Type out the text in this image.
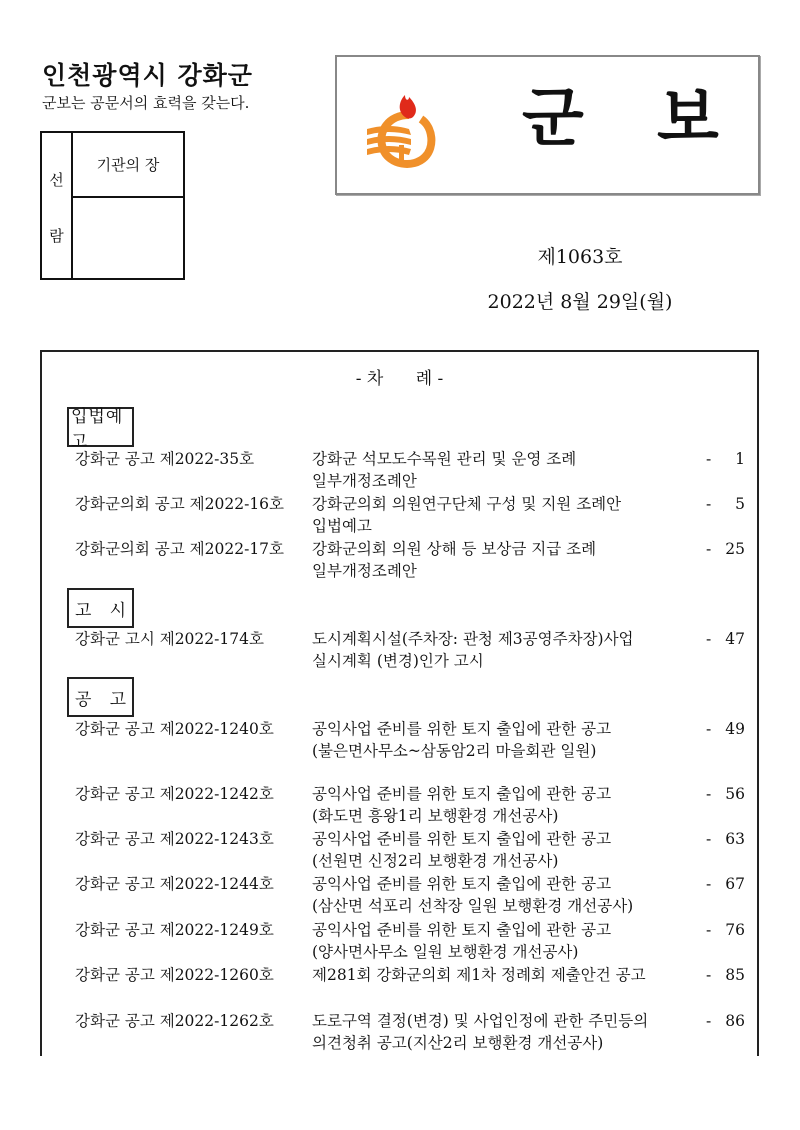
인천광역시 강화군
군보는 공문서의 효력을 갖는다.
선
람
기관의 장
군 보
제1063호
2022년 8월 29일(월)
- 차      례 -
입법예고
강화군 공고 제2022-35호	강화군 석모도수목원 관리 및 운영 조례	- 1
일부개정조례안
강화군의회 공고 제2022-16호 강화군의회 의원연구단체 구성 및 지원 조례안	- 5
입법예고
강화군의회 공고 제2022-17호 강화군의회 의원 상해 등 보상금 지급 조례	- 25
일부개정조례안
고 시
강화군 고시 제2022-174호	도시계획시설(주차장: 관청 제3공영주차장)사업	- 47
실시계획 (변경)인가 고시
공 고
강화군 공고 제2022-1240호 공익사업 준비를 위한 토지 출입에 관한 공고	- 49
(불은면사무소~삼동암2리 마을회관 일원)
강화군 공고 제2022-1242호 공익사업 준비를 위한 토지 출입에 관한 공고	- 56
(화도면 흥왕1리 보행환경 개선공사)
강화군 공고 제2022-1243호 공익사업 준비를 위한 토지 출입에 관한 공고	- 63
(선원면 신정2리 보행환경 개선공사)
강화군 공고 제2022-1244호 공익사업 준비를 위한 토지 출입에 관한 공고	- 67
(삼산면 석포리 선착장 일원 보행환경 개선공사)
강화군 공고 제2022-1249호 공익사업 준비를 위한 토지 출입에 관한 공고	- 76
(양사면사무소 일원 보행환경 개선공사)
강화군 공고 제2022-1260호 제281회 강화군의회 제1차 정례회 제출안건 공고	- 85
강화군 공고 제2022-1262호 도로구역 결정(변경) 및 사업인정에 관한 주민등의	- 86
의견청취 공고(지산2리 보행환경 개선공사)
